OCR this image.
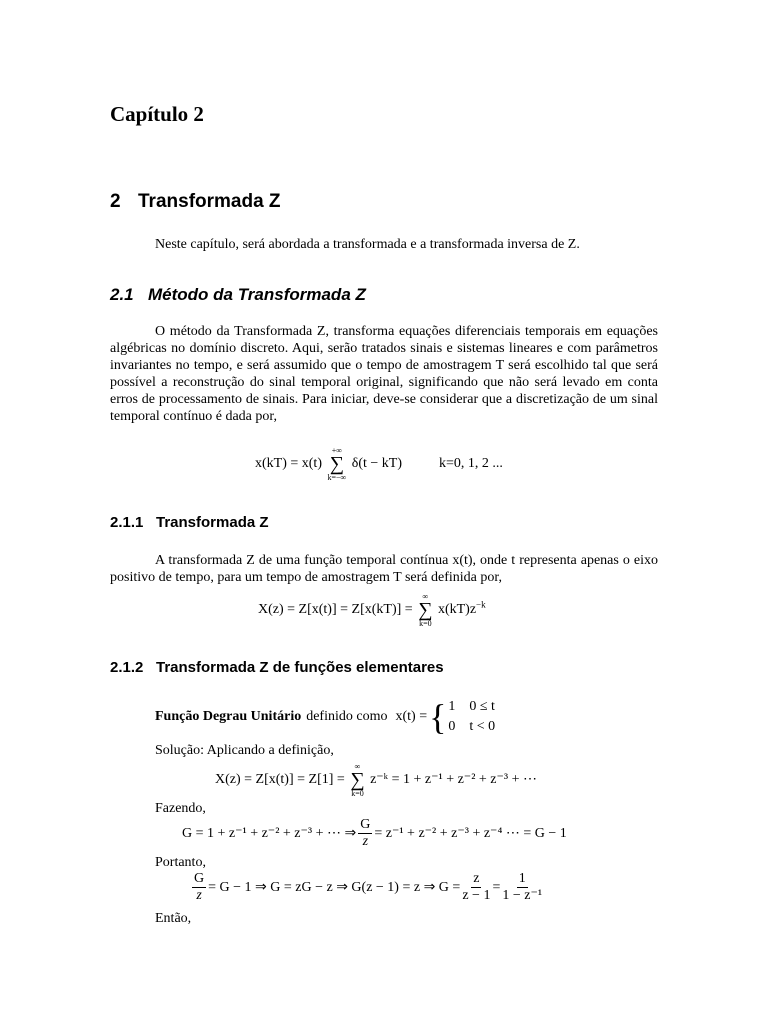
Capítulo 2
2 Transformada Z
Neste capítulo, será abordada a transformada e a transformada inversa de Z.
2.1 Método da Transformada Z

O método da Transformada Z, transforma equações diferenciais temporais em equações algébricas no domínio discreto. Aqui, serão tratados sinais e sistemas lineares e com parâmetros invariantes no tempo, e será assumido que o tempo de amostragem T será escolhido tal que será possível a reconstrução do sinal temporal original, significando que não será levado em conta erros de processamento de sinais. Para iniciar, deve-se considerar que a discretização de um sinal temporal contínuo é dada por,

x(kT) = x(t)
+∞
∑
k=−∞
δ(t − kT)	k=0, 1, 2 ...
2.1.1 Transformada Z

A transformada Z de uma função temporal contínua x(t), onde t representa apenas o eixo positivo de tempo, para um tempo de amostragem T será definida por,

X(z) = Z[x(t)] = Z[x(kT)] =
∞
∑
k=0
$x(kT)z^{-k}$
2.1.2 Transformada Z de funções elementares
Função Degrau Unitário definido como x(t) = { 1    0 ≤ t
0    t < 0
Solução: Aplicando a definição,
X(z) = Z[x(t)] = Z[1] =
∞
∑
k=0
z⁻ᵏ = 1 + z⁻¹ + z⁻² + z⁻³ + ⋯
Fazendo,
G = 1 + z⁻¹ + z⁻² + z⁻³ + ⋯ ⇒ $\frac{G}{z} = z^{-1} + z^{-2} + z^{-3} + z^{-4}$ ⋯ = G − 1
Portanto,
$\frac{G}{z} = G - 1$ ⇒ G = zG − z ⇒ G(z − 1) = z ⇒ $G = \frac{z}{z - 1} = \frac{1}{\text{1 − z⁻¹}}$
Então,
